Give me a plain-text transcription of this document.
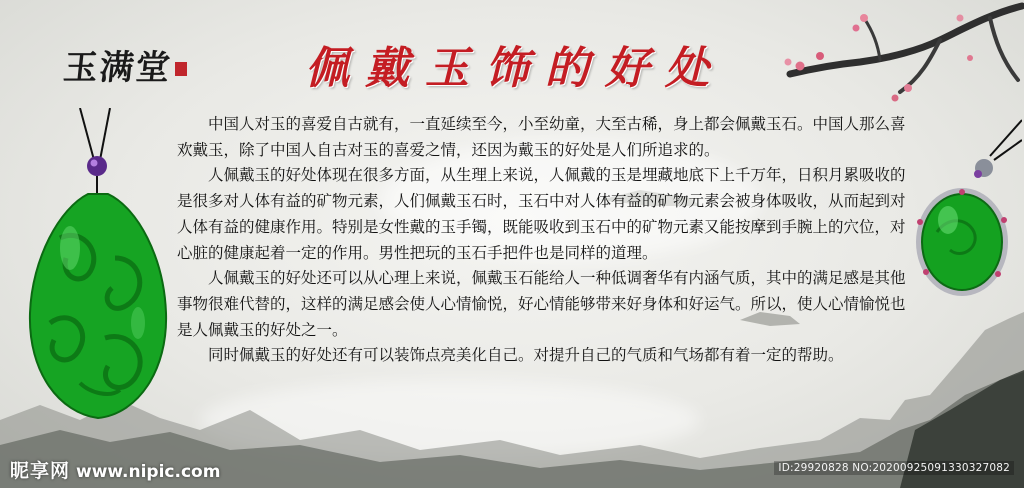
玉满堂	佩戴玉饰的好处

中国人对玉的喜爱自古就有，一直延续至今，小至幼童，大至古稀，身上都会佩戴玉石。中国人那么喜欢戴玉，除了中国人自古对玉的喜爱之情，还因为戴玉的好处是人们所追求的。

人佩戴玉的好处体现在很多方面，从生理上来说，人佩戴的玉是埋藏地底下上千万年，日积月累吸收的是很多对人体有益的矿物元素，人们佩戴玉石时，玉石中对人体有益的矿物元素会被身体吸收，从而起到对人体有益的健康作用。特别是女性戴的玉手镯，既能吸收到玉石中的矿物元素又能按摩到手腕上的穴位，对心脏的健康起着一定的作用。男性把玩的玉石手把件也是同样的道理。

人佩戴玉的好处还可以从心理上来说，佩戴玉石能给人一种低调奢华有内涵气质，其中的满足感是其他事物很难代替的，这样的满足感会使人心情愉悦，好心情能够带来好身体和好运气。所以，使人心情愉悦也是人佩戴玉的好处之一。

同时佩戴玉的好处还有可以装饰点亮美化自己。对提升自己的气质和气场都有着一定的帮助。

昵享网 www.nipic.com	ID:29920828 NO:20200925091330327082
